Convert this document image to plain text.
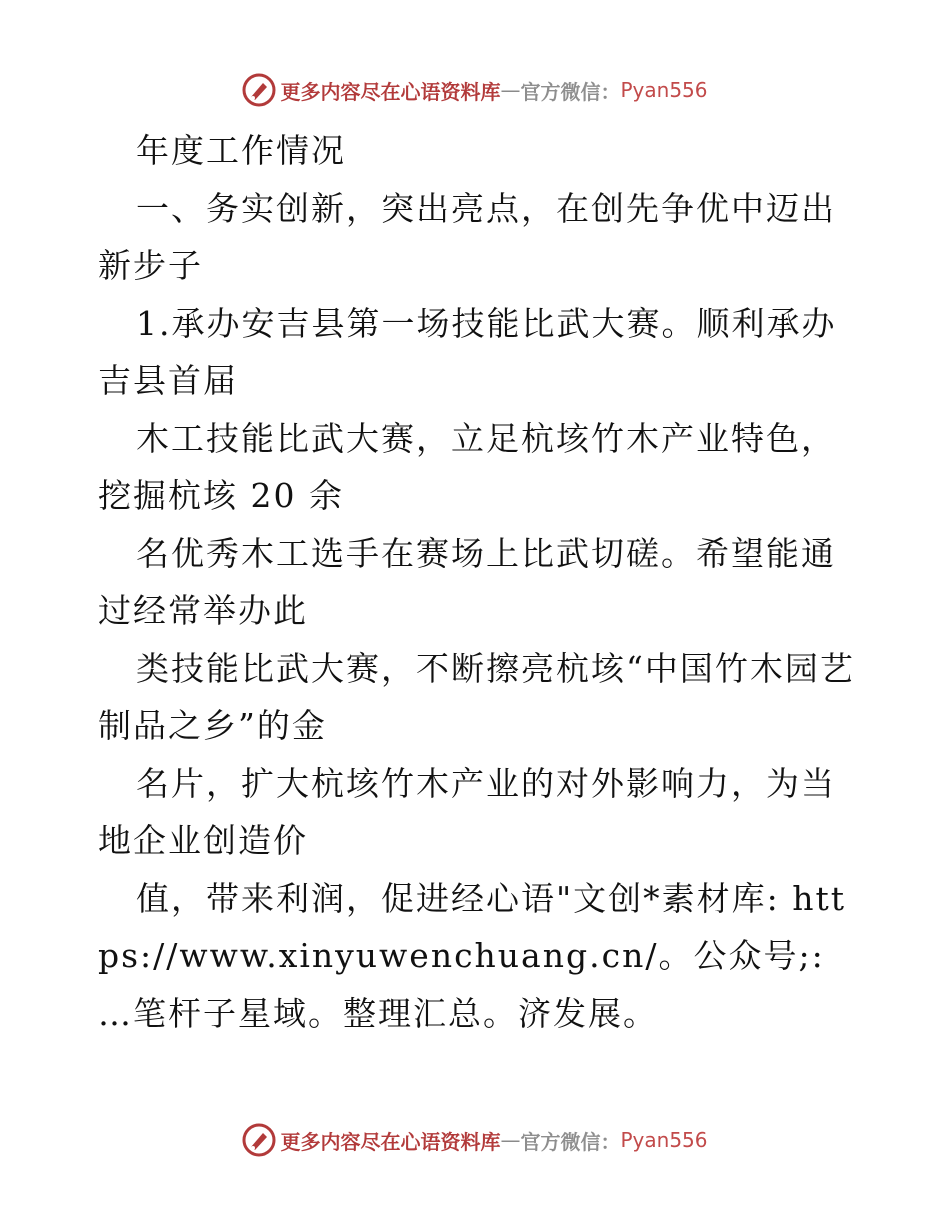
更多内容尽在心语资料库 — 官方微信： Pyan556

年度工作情况

一、务实创新，突出亮点，在创先争优中迈出新步子

1.承办安吉县第一场技能比武大赛。顺利承办吉县首届

木工技能比武大赛，立足杭垓竹木产业特色，挖掘杭垓 20 余

名优秀木工选手在赛场上比武切磋。希望能通过经常举办此

类技能比武大赛，不断擦亮杭垓“中国竹木园艺制品之乡”的金

名片，扩大杭垓竹木产业的对外影响力，为当地企业创造价

值，带来利润，促进经心语"文创*素材库: https://www.xinyuwenchuang.cn/。公众号;: …笔杆子星域。整理汇总。济发展。

更多内容尽在心语资料库 — 官方微信： Pyan556
